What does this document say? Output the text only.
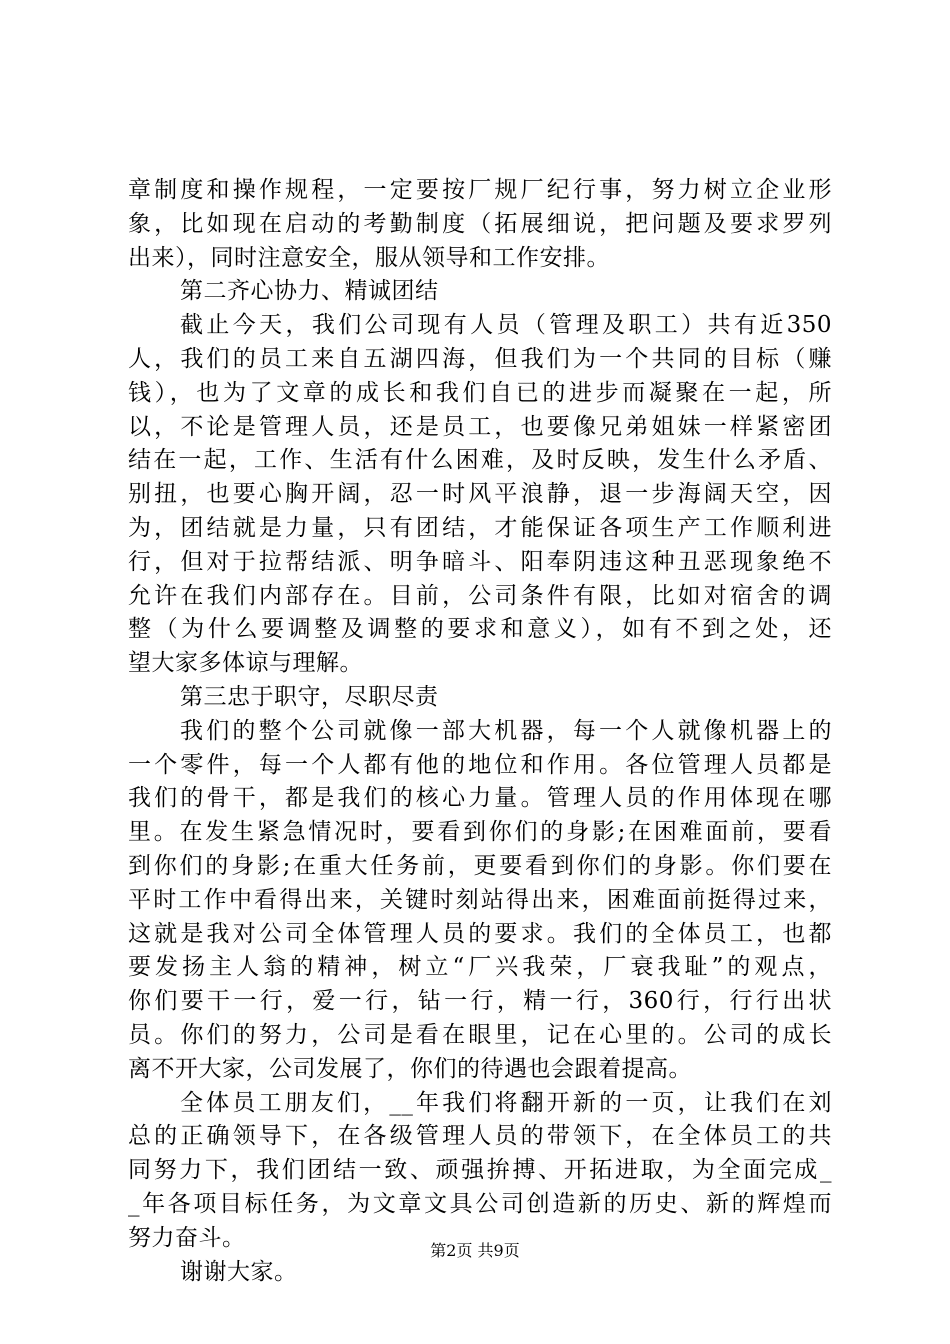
章制度和操作规程，一定要按厂规厂纪行事，努力树立企业形
象，比如现在启动的考勤制度（拓展细说，把问题及要求罗列
出来），同时注意安全，服从领导和工作安排。
第二齐心协力、精诚团结
截止今天，我们公司现有人员（管理及职工）共有近350
人，我们的员工来自五湖四海，但我们为一个共同的目标（赚
钱），也为了文章的成长和我们自已的进步而凝聚在一起，所
以，不论是管理人员，还是员工，也要像兄弟姐妹一样紧密团
结在一起，工作、生活有什么困难，及时反映，发生什么矛盾、
别扭，也要心胸开阔，忍一时风平浪静，退一步海阔天空，因
为，团结就是力量，只有团结，才能保证各项生产工作顺利进
行，但对于拉帮结派、明争暗斗、阳奉阴违这种丑恶现象绝不
允许在我们内部存在。目前，公司条件有限，比如对宿舍的调
整（为什么要调整及调整的要求和意义），如有不到之处，还
望大家多体谅与理解。
第三忠于职守，尽职尽责
我们的整个公司就像一部大机器，每一个人就像机器上的
一个零件，每一个人都有他的地位和作用。各位管理人员都是
我们的骨干，都是我们的核心力量。管理人员的作用体现在哪
里。在发生紧急情况时，要看到你们的身影;在困难面前，要看
到你们的身影;在重大任务前，更要看到你们的身影。你们要在
平时工作中看得出来，关键时刻站得出来，困难面前挺得过来，
这就是我对公司全体管理人员的要求。我们的全体员工，也都
要发扬主人翁的精神，树立“厂兴我荣，厂衰我耻”的观点，
你们要干一行，爱一行，钻一行，精一行，360行，行行出状
员。你们的努力，公司是看在眼里，记在心里的。公司的成长
离不开大家，公司发展了，你们的待遇也会跟着提高。
全体员工朋友们，__年我们将翻开新的一页，让我们在刘
总的正确领导下，在各级管理人员的带领下，在全体员工的共
同努力下，我们团结一致、顽强拚搏、开拓进取，为全面完成_
_年各项目标任务，为文章文具公司创造新的历史、新的辉煌而
努力奋斗。
谢谢大家。
第2页 共9页
